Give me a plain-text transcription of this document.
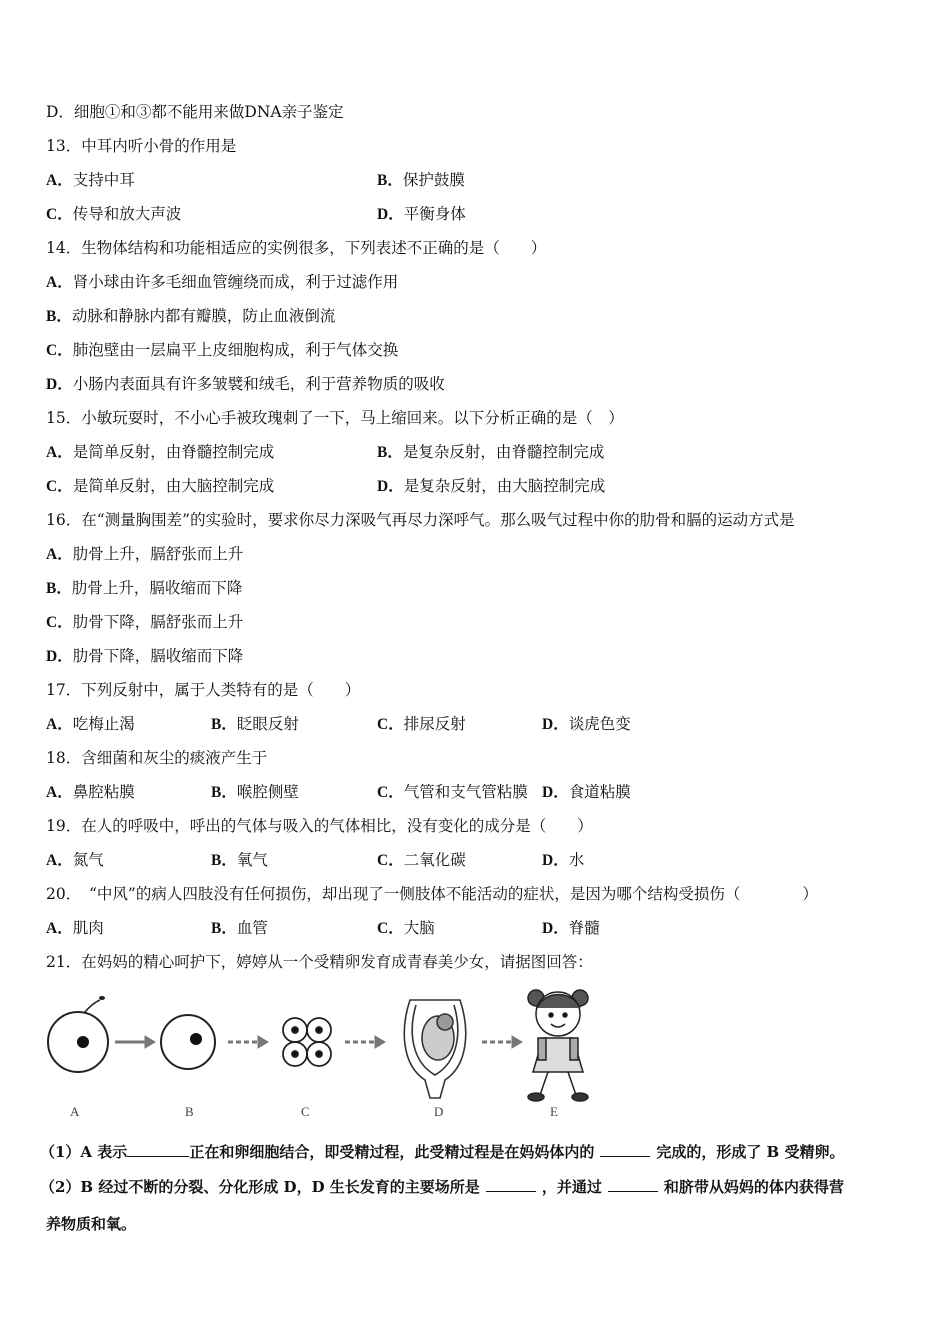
D．细胞①和③都不能用来做DNA亲子鉴定
13．中耳内听小骨的作用是
A．支持中耳	B．保护鼓膜
C．传导和放大声波	D．平衡身体
14．生物体结构和功能相适应的实例很多，下列表述不正确的是（　　）
A．肾小球由许多毛细血管缠绕而成，利于过滤作用
B．动脉和静脉内都有瓣膜，防止血液倒流
C．肺泡壁由一层扁平上皮细胞构成，利于气体交换
D．小肠内表面具有许多皱襞和绒毛，利于营养物质的吸收
15．小敏玩耍时，不小心手被玫瑰刺了一下，马上缩回来。以下分析正确的是（　）
A．是简单反射，由脊髓控制完成	B．是复杂反射，由脊髓控制完成
C．是简单反射，由大脑控制完成	D．是复杂反射，由大脑控制完成
16．在“测量胸围差”的实验时，要求你尽力深吸气再尽力深呼气。那么吸气过程中你的肋骨和膈的运动方式是
A．肋骨上升，膈舒张而上升
B．肋骨上升，膈收缩而下降
C．肋骨下降，膈舒张而上升
D．肋骨下降，膈收缩而下降
17．下列反射中，属于人类特有的是（　　）
A．吃梅止渴	B．眨眼反射	C．排尿反射	D．谈虎色变
18．含细菌和灰尘的痰液产生于
A．鼻腔粘膜	B．喉腔侧壁	C．气管和支气管粘膜 D．食道粘膜
19．在人的呼吸中，呼出的气体与吸入的气体相比，没有变化的成分是（　　）
A．氮气	B．氧气	C．二氧化碳	D．水
20．　“中风”的病人四肢没有任何损伤，却出现了一侧肢体不能活动的症状，是因为哪个结构受损伤（　　　　）
A．肌肉	B．血管	C．大脑	D．脊髓
21．在妈妈的精心呵护下，婷婷从一个受精卵发育成青春美少女，请据图回答：
A	B	C	D	E
（1）A 表示	正在和卵细胞结合，即受精过程，此受精过程是在妈妈体内的	完成的，形成了 B 受精卵。
（2）B 经过不断的分裂、分化形成 D，D 生长发育的主要场所是	，并通过	和脐带从妈妈的体内获得营
养物质和氧。
